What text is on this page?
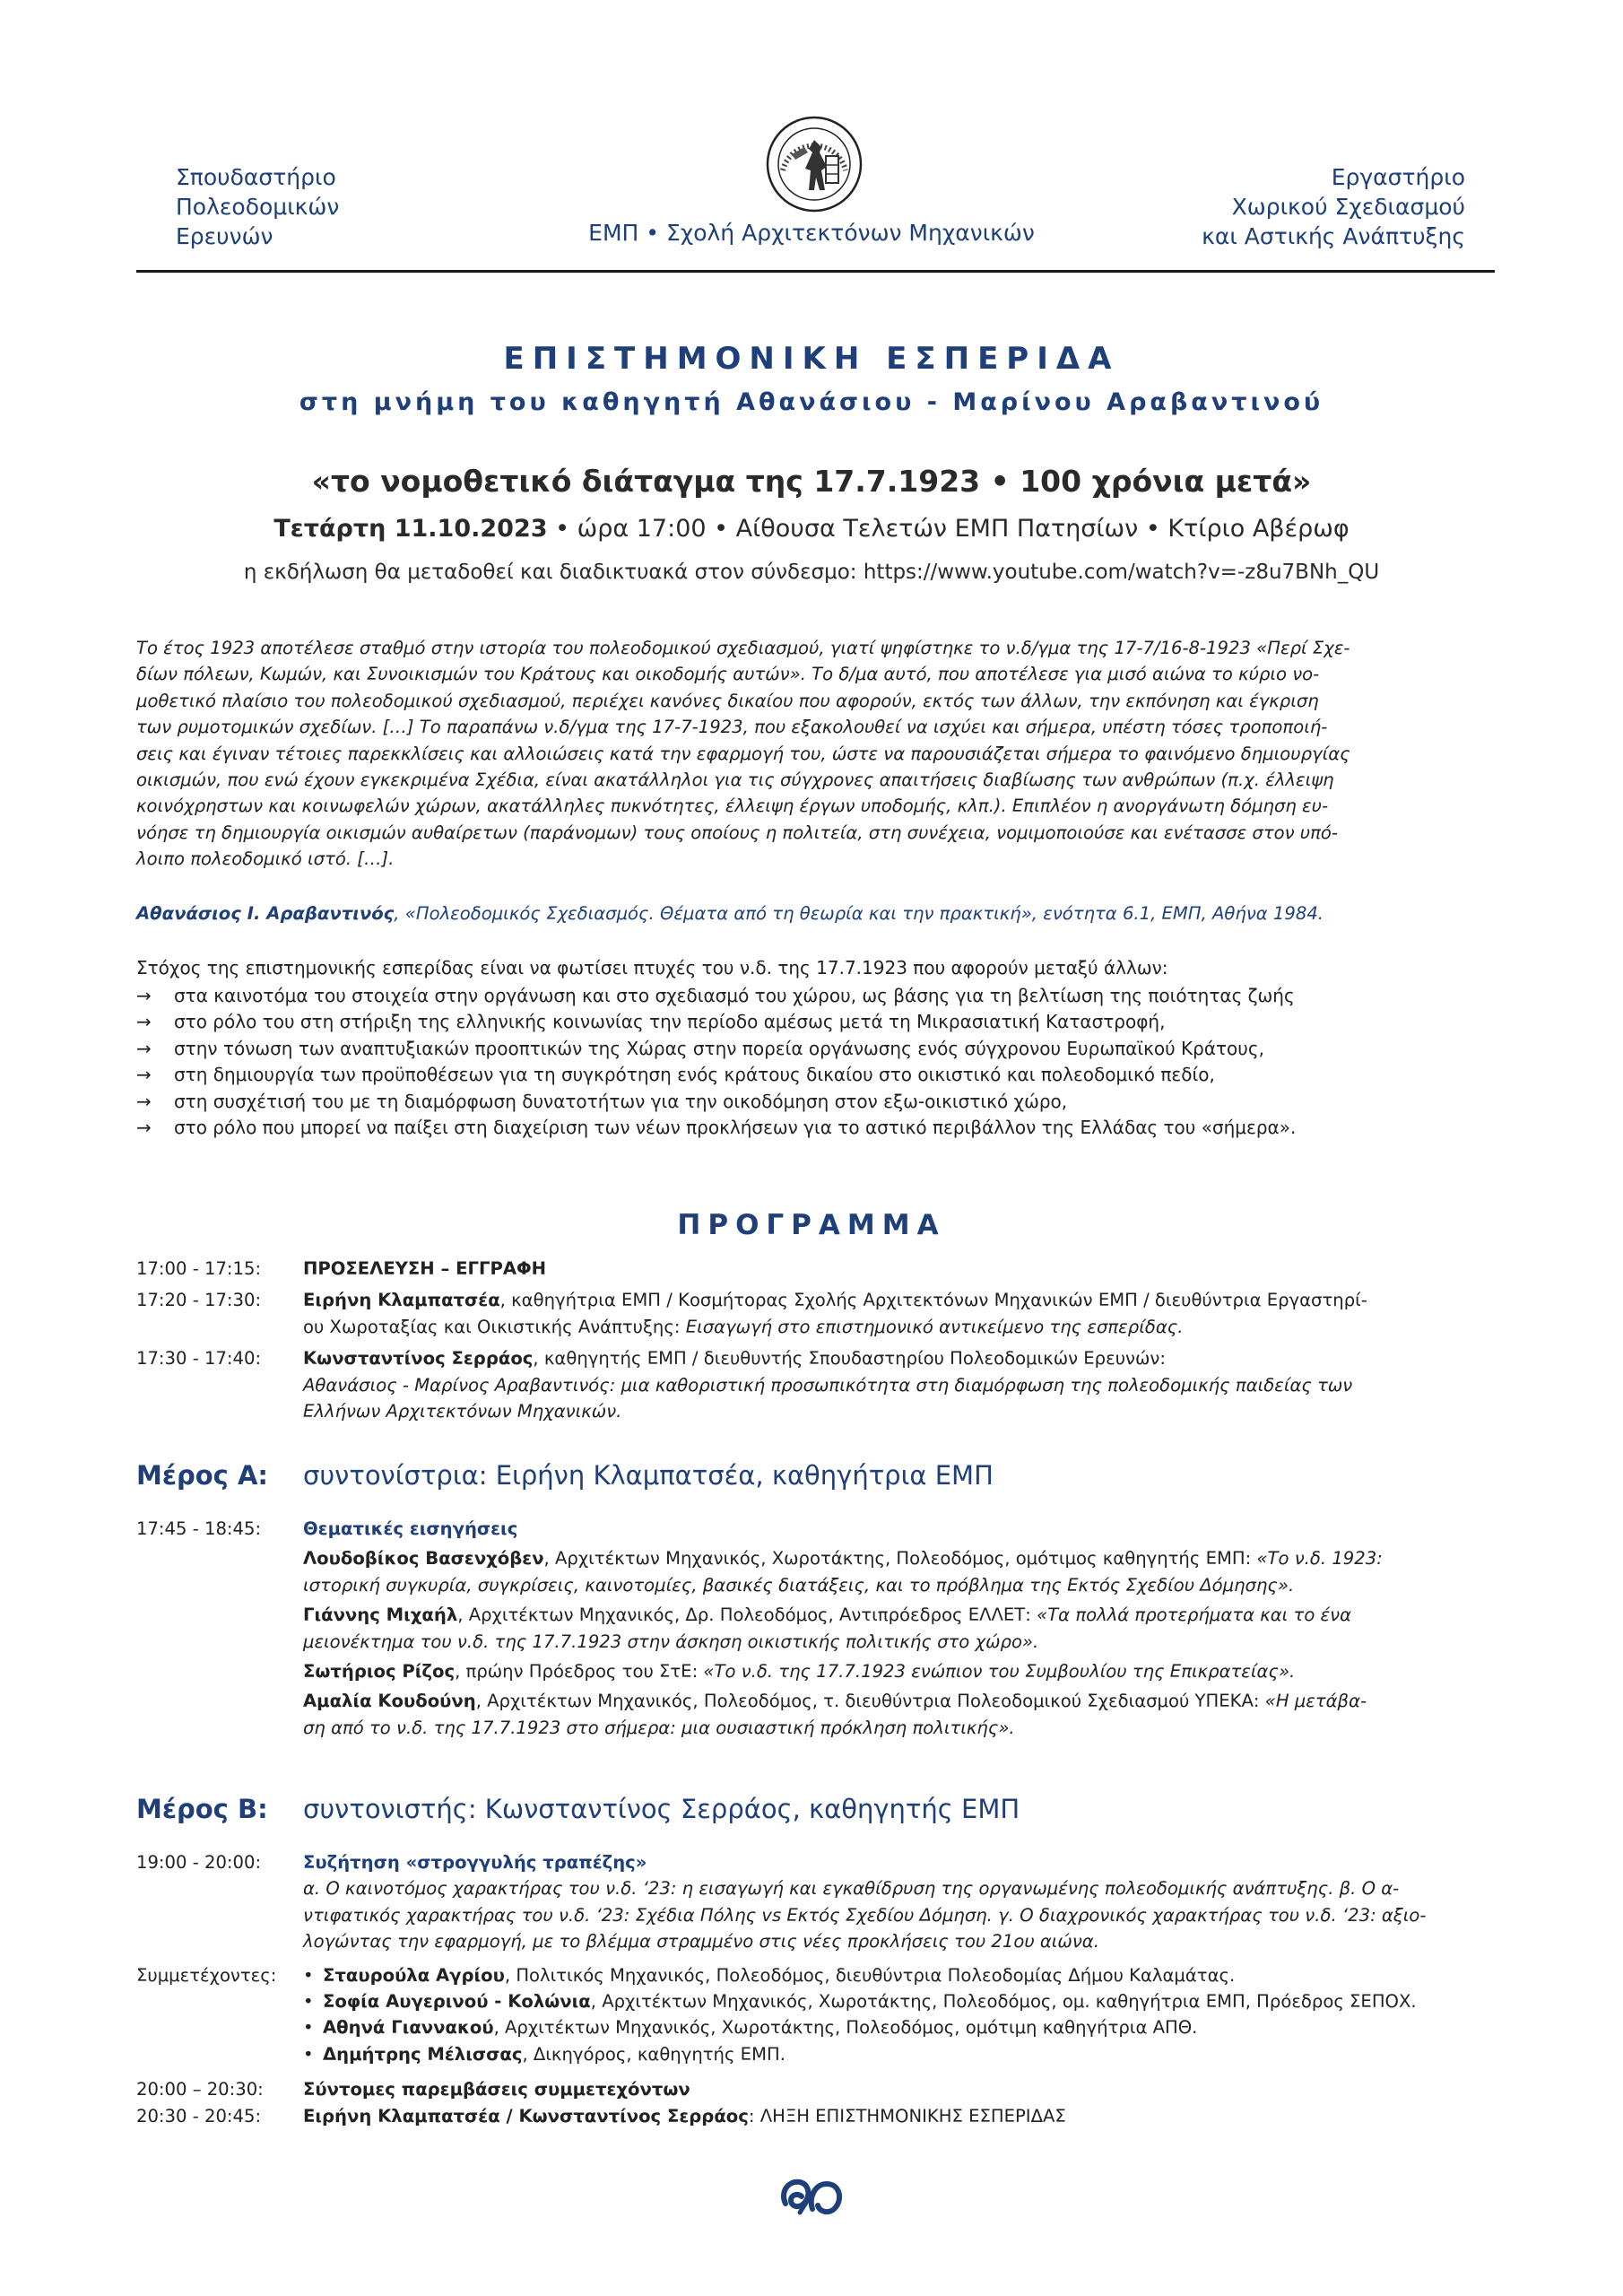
Σπουδαστήριο
Πολεοδομικών
Ερευνών	ΕΜΠ • Σχολή Αρχιτεκτόνων Μηχανικών
Εργαστήριο
Χωρικού Σχεδιασμού
και Αστικής Ανάπτυξης
ΕΠΙΣΤΗΜΟΝΙΚΗ ΕΣΠΕΡΙΔΑ
στη μνήμη του καθηγητή Αθανάσιου - Μαρίνου Αραβαντινού
«το νομοθετικό διάταγμα της 17.7.1923 • 100 χρόνια μετά»
Τετάρτη 11.10.2023 • ώρα 17:00 • Αίθουσα Τελετών ΕΜΠ Πατησίων • Κτίριο Αβέρωφ
η εκδήλωση θα μεταδοθεί και διαδικτυακά στον σύνδεσμο: https://www.youtube.com/watch?v=-z8u7BNh_QU
Το έτος 1923 αποτέλεσε σταθμό στην ιστορία του πολεοδομικού σχεδιασμού, γιατί ψηφίστηκε το ν.δ/γμα της 17-7/16-8-1923 «Περί Σχε-
δίων πόλεων, Κωμών, και Συνοικισμών του Κράτους και οικοδομής αυτών». Το δ/μα αυτό, που αποτέλεσε για μισό αιώνα το κύριο νο-
μοθετικό πλαίσιο του πολεοδομικού σχεδιασμού, περιέχει κανόνες δικαίου που αφορούν, εκτός των άλλων, την εκπόνηση και έγκριση
των ρυμοτομικών σχεδίων. […] Το παραπάνω ν.δ/γμα της 17-7-1923, που εξακολουθεί να ισχύει και σήμερα, υπέστη τόσες τροποποιή-
σεις και έγιναν τέτοιες παρεκκλίσεις και αλλοιώσεις κατά την εφαρμογή του, ώστε να παρουσιάζεται σήμερα το φαινόμενο δημιουργίας
οικισμών, που ενώ έχουν εγκεκριμένα Σχέδια, είναι ακατάλληλοι για τις σύγχρονες απαιτήσεις διαβίωσης των ανθρώπων (π.χ. έλλειψη
κοινόχρηστων και κοινωφελών χώρων, ακατάλληλες πυκνότητες, έλλειψη έργων υποδομής, κλπ.). Επιπλέον η ανοργάνωτη δόμηση ευ-
νόησε τη δημιουργία οικισμών αυθαίρετων (παράνομων) τους οποίους η πολιτεία, στη συνέχεια, νομιμοποιούσε και ενέτασσε στον υπό-
λοιπο πολεοδομικό ιστό. […].
Αθανάσιος Ι. Αραβαντινός, «Πολεοδομικός Σχεδιασμός. Θέματα από τη θεωρία και την πρακτική», ενότητα 6.1, ΕΜΠ, Αθήνα 1984.
Στόχος της επιστημονικής εσπερίδας είναι να φωτίσει πτυχές του ν.δ. της 17.7.1923 που αφορούν μεταξύ άλλων:
→	στα καινοτόμα του στοιχεία στην οργάνωση και στο σχεδιασμό του χώρου, ως βάσης για τη βελτίωση της ποιότητας ζωής
→	στο ρόλο του στη στήριξη της ελληνικής κοινωνίας την περίοδο αμέσως μετά τη Μικρασιατική Καταστροφή,
→	στην τόνωση των αναπτυξιακών προοπτικών της Χώρας στην πορεία οργάνωσης ενός σύγχρονου Ευρωπαϊκού Κράτους,
→	στη δημιουργία των προϋποθέσεων για τη συγκρότηση ενός κράτους δικαίου στο οικιστικό και πολεοδομικό πεδίο,
→	στη συσχέτισή του με τη διαμόρφωση δυνατοτήτων για την οικοδόμηση στον εξω-οικιστικό χώρο,
→	στο ρόλο που μπορεί να παίξει στη διαχείριση των νέων προκλήσεων για το αστικό περιβάλλον της Ελλάδας του «σήμερα».
ΠΡΟΓΡΑΜΜΑ
17:00 - 17:15:	ΠΡΟΣΕΛΕΥΣΗ – ΕΓΓΡΑΦΗ
17:20 - 17:30:	Ειρήνη Κλαμπατσέα, καθηγήτρια ΕΜΠ / Κοσμήτορας Σχολής Αρχιτεκτόνων Μηχανικών ΕΜΠ / διευθύντρια Εργαστηρί-
ου Χωροταξίας και Οικιστικής Ανάπτυξης: Εισαγωγή στο επιστημονικό αντικείμενο της εσπερίδας.
17:30 - 17:40:	Κωνσταντίνος Σερράος, καθηγητής ΕΜΠ / διευθυντής Σπουδαστηρίου Πολεοδομικών Ερευνών:
Αθανάσιος - Μαρίνος Αραβαντινός: μια καθοριστική προσωπικότητα στη διαμόρφωση της πολεοδομικής παιδείας των
Ελλήνων Αρχιτεκτόνων Μηχανικών.
Μέρος Α: συντονίστρια: Ειρήνη Κλαμπατσέα, καθηγήτρια ΕΜΠ
17:45 - 18:45:	Θεματικές εισηγήσεις
Λουδοβίκος Βασενχόβεν, Αρχιτέκτων Μηχανικός, Χωροτάκτης, Πολεοδόμος, ομότιμος καθηγητής ΕΜΠ: «Το ν.δ. 1923:
ιστορική συγκυρία, συγκρίσεις, καινοτομίες, βασικές διατάξεις, και το πρόβλημα της Εκτός Σχεδίου Δόμησης».
Γιάννης Μιχαήλ, Αρχιτέκτων Μηχανικός, Δρ. Πολεοδόμος, Αντιπρόεδρος ΕΛΛΕΤ: «Τα πολλά προτερήματα και το ένα
μειονέκτημα του ν.δ. της 17.7.1923 στην άσκηση οικιστικής πολιτικής στο χώρο».
Σωτήριος Ρίζος, πρώην Πρόεδρος του ΣτΕ: «Το ν.δ. της 17.7.1923 ενώπιον του Συμβουλίου της Επικρατείας».
Αμαλία Κουδούνη, Αρχιτέκτων Μηχανικός, Πολεοδόμος, τ. διευθύντρια Πολεοδομικού Σχεδιασμού ΥΠΕΚΑ: «Η μετάβα-
ση από το ν.δ. της 17.7.1923 στο σήμερα: μια ουσιαστική πρόκληση πολιτικής».
Μέρος Β: συντονιστής: Κωνσταντίνος Σερράος, καθηγητής ΕΜΠ
19:00 - 20:00:	Συζήτηση «στρογγυλής τραπέζης»
α. Ο καινοτόμος χαρακτήρας του ν.δ. ‘23: η εισαγωγή και εγκαθίδρυση της οργανωμένης πολεοδομικής ανάπτυξης. β. Ο α-
ντιφατικός χαρακτήρας του ν.δ. ‘23: Σχέδια Πόλης vs Εκτός Σχεδίου Δόμηση. γ. Ο διαχρονικός χαρακτήρας του ν.δ. ‘23: αξιο-
λογώντας την εφαρμογή, με το βλέμμα στραμμένο στις νέες προκλήσεις του 21ου αιώνα.
Συμμετέχοντες:	• Σταυρούλα Αγρίου, Πολιτικός Μηχανικός, Πολεοδόμος, διευθύντρια Πολεοδομίας Δήμου Καλαμάτας.
• Σοφία Αυγερινού - Κολώνια, Αρχιτέκτων Μηχανικός, Χωροτάκτης, Πολεοδόμος, ομ. καθηγήτρια ΕΜΠ, Πρόεδρος ΣΕΠΟΧ.
• Αθηνά Γιαννακού, Αρχιτέκτων Μηχανικός, Χωροτάκτης, Πολεοδόμος, ομότιμη καθηγήτρια ΑΠΘ.
• Δημήτρης Μέλισσας, Δικηγόρος, καθηγητής ΕΜΠ.
20:00 – 20:30:	Σύντομες παρεμβάσεις συμμετεχόντων
20:30 - 20:45:	Ειρήνη Κλαμπατσέα / Κωνσταντίνος Σερράος: ΛΗΞΗ ΕΠΙΣΤΗΜΟΝΙΚΗΣ ΕΣΠΕΡΙΔΑΣ
